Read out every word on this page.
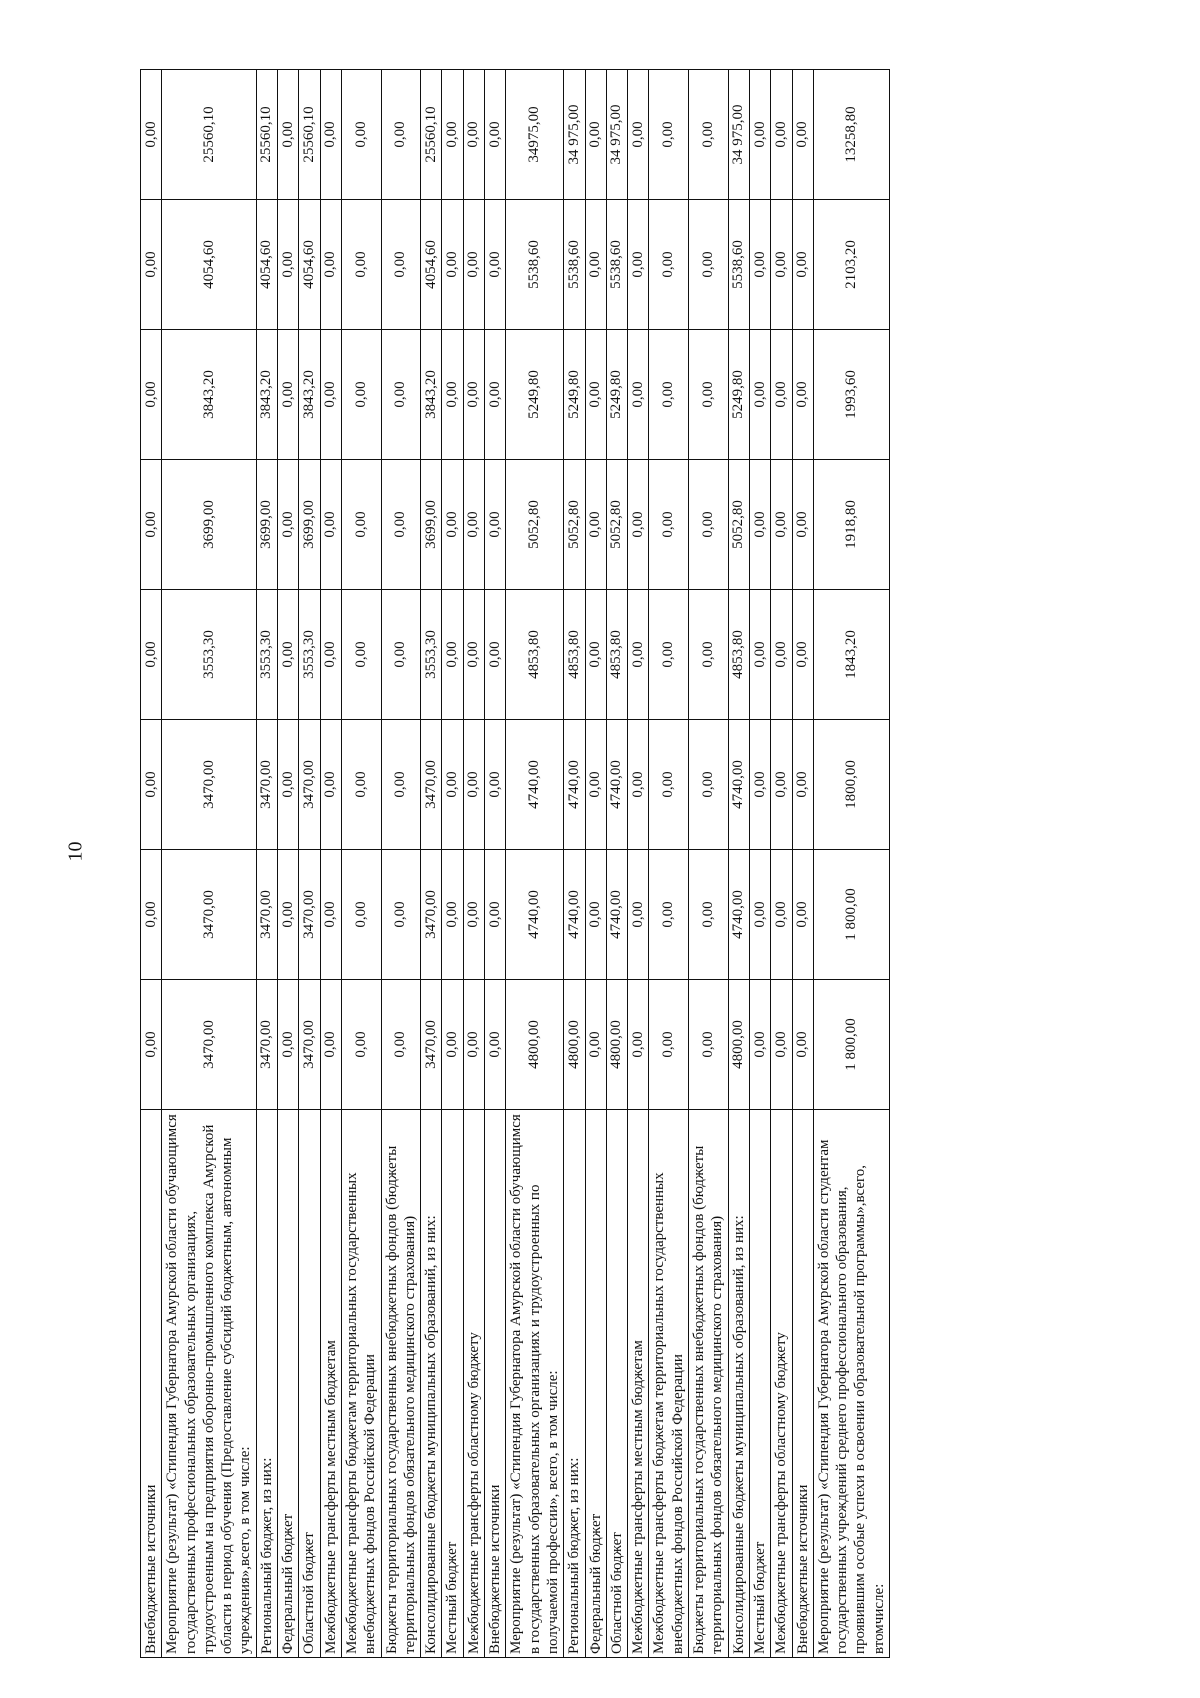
10
Внебюджетные источники	0,00	0,00	0,00	0,00	0,00	0,00	0,00	0,00
Мероприятие (результат) «Стипендия Губернатора Амурской области обучающимся государственных профессиональных образовательных организациях, трудоустроенным на предприятия оборонно-промышленного комплекса Амурской области в период обучения (Предоставление субсидий бюджетным, автономным учреждения»,всего, в том числе:	3470,00	3470,00	3470,00	3553,30	3699,00	3843,20	4054,60	25560,10
Региональный бюджет, из них:	3470,00	3470,00	3470,00	3553,30	3699,00	3843,20	4054,60	25560,10
Федеральный бюджет	0,00	0,00	0,00	0,00	0,00	0,00	0,00	0,00
Областной бюджет	3470,00	3470,00	3470,00	3553,30	3699,00	3843,20	4054,60	25560,10
Межбюджетные трансферты местным бюджетам	0,00	0,00	0,00	0,00	0,00	0,00	0,00	0,00
Межбюджетные трансферты бюджетам территориальных государственных внебюджетных фондов Российской Федерации	0,00	0,00	0,00	0,00	0,00	0,00	0,00	0,00
Бюджеты территориальных государственных внебюджетных фондов (бюджеты территориальных фондов обязательного медицинского страхования)	0,00	0,00	0,00	0,00	0,00	0,00	0,00	0,00
Консолидированные бюджеты муниципальных образований, из них:	3470,00	3470,00	3470,00	3553,30	3699,00	3843,20	4054,60	25560,10
Местный бюджет	0,00	0,00	0,00	0,00	0,00	0,00	0,00	0,00
Межбюджетные трансферты областному бюджету	0,00	0,00	0,00	0,00	0,00	0,00	0,00	0,00
Внебюджетные источники	0,00	0,00	0,00	0,00	0,00	0,00	0,00	0,00
Мероприятие (результат) «Стипендия Губернатора Амурской области обучающимся в государственных образовательных организациях и трудоустроенных по получаемой профессии», всего, в том числе:	4800,00	4740,00	4740,00	4853,80	5052,80	5249,80	5538,60	34975,00
Региональный бюджет, из них:	4800,00	4740,00	4740,00	4853,80	5052,80	5249,80	5538,60	34 975,00
Федеральный бюджет	0,00	0,00	0,00	0,00	0,00	0,00	0,00	0,00
Областной бюджет	4800,00	4740,00	4740,00	4853,80	5052,80	5249,80	5538,60	34 975,00
Межбюджетные трансферты местным бюджетам	0,00	0,00	0,00	0,00	0,00	0,00	0,00	0,00
Межбюджетные трансферты бюджетам территориальных государственных внебюджетных фондов Российской Федерации	0,00	0,00	0,00	0,00	0,00	0,00	0,00	0,00
Бюджеты территориальных государственных внебюджетных фондов (бюджеты территориальных фондов обязательного медицинского страхования)	0,00	0,00	0,00	0,00	0,00	0,00	0,00	0,00
Консолидированные бюджеты муниципальных образований, из них:	4800,00	4740,00	4740,00	4853,80	5052,80	5249,80	5538,60	34 975,00
Местный бюджет	0,00	0,00	0,00	0,00	0,00	0,00	0,00	0,00
Межбюджетные трансферты областному бюджету	0,00	0,00	0,00	0,00	0,00	0,00	0,00	0,00
Внебюджетные источники	0,00	0,00	0,00	0,00	0,00	0,00	0,00	0,00
Мероприятие (результат) «Стипендия Губернатора Амурской области студентам государственных учреждений среднего профессионального образования, проявившим особые успехи в освоении образовательной программы»,всего, втомчисле:	1 800,00	1 800,00	1800,00	1843,20	1918,80	1993,60	2103,20	13258,80
